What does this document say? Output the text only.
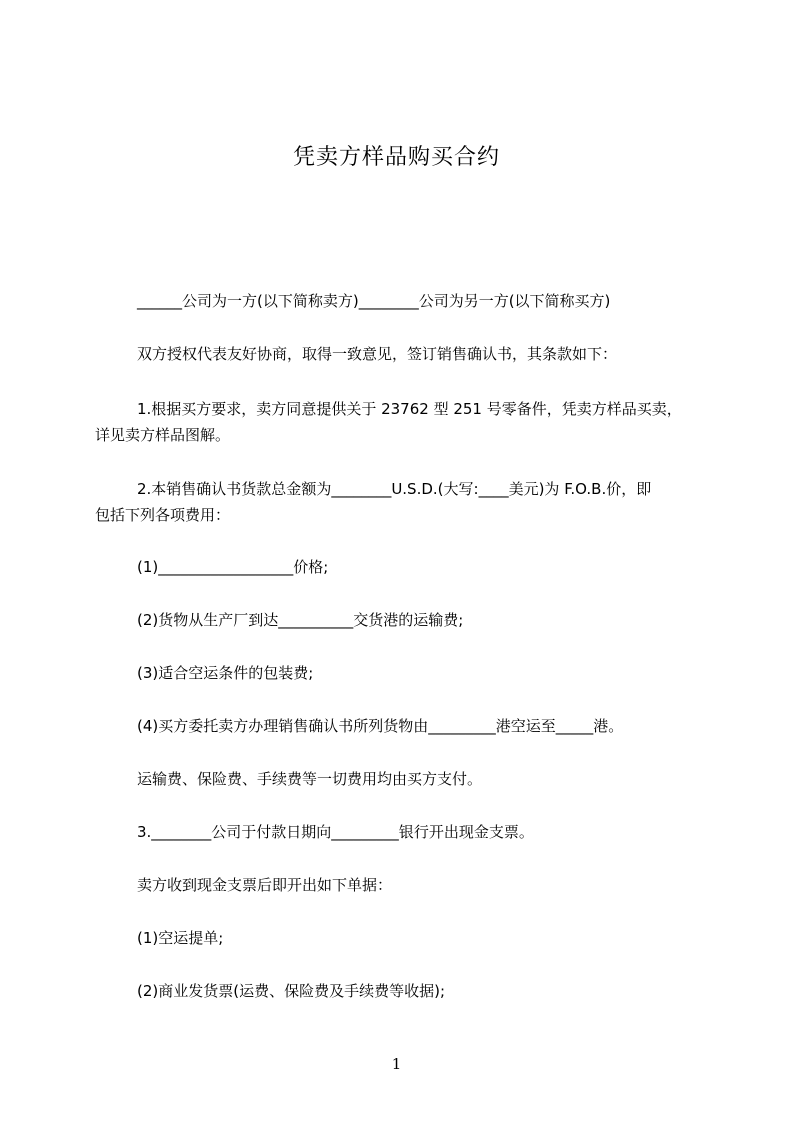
凭卖方样品购买合约
______公司为一方(以下简称卖方)________公司为另一方(以下简称买方)
双方授权代表友好协商，取得一致意见，签订销售确认书，其条款如下：
1.根据买方要求，卖方同意提供关于 23762 型 251 号零备件，凭卖方样品买卖，
详见卖方样品图解。
2.本销售确认书货款总金额为________U.S.D.(大写:____美元)为 F.O.B.价，即
包括下列各项费用：
(1)__________________价格;
(2)货物从生产厂到达__________交货港的运输费;
(3)适合空运条件的包装费;
(4)买方委托卖方办理销售确认书所列货物由_________港空运至_____港。
运输费、保险费、手续费等一切费用均由买方支付。
3.________公司于付款日期向_________银行开出现金支票。
卖方收到现金支票后即开出如下单据：
(1)空运提单;
(2)商业发货票(运费、保险费及手续费等收据);
1
